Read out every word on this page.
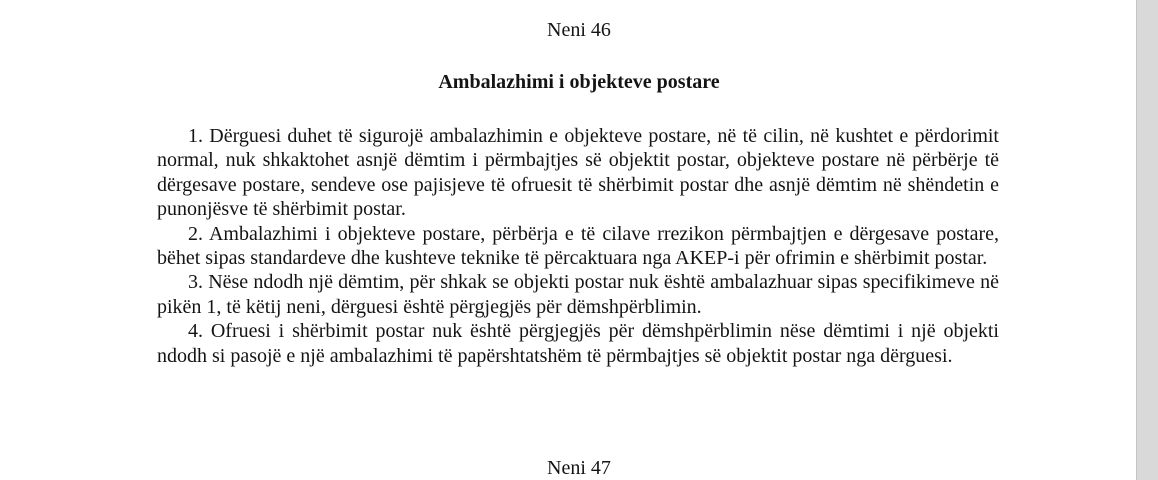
Neni 46
Ambalazhimi i objekteve postare

1. Dërguesi duhet të sigurojë ambalazhimin e objekteve postare, në të cilin, në kushtet e përdorimit normal, nuk shkaktohet asnjë dëmtim i përmbajtjes së objektit postar, objekteve postare në përbërje të dërgesave postare, sendeve ose pajisjeve të ofruesit të shërbimit postar dhe asnjë dëmtim në shëndetin e punonjësve të shërbimit postar.

2. Ambalazhimi i objekteve postare, përbërja e të cilave rrezikon përmbajtjen e dërgesave postare, bëhet sipas standardeve dhe kushteve teknike të përcaktuara nga AKEP-i për ofrimin e shërbimit postar.

3. Nëse ndodh një dëmtim, për shkak se objekti postar nuk është ambalazhuar sipas specifikimeve në pikën 1, të këtij neni, dërguesi është përgjegjës për dëmshpërblimin.

4. Ofruesi i shërbimit postar nuk është përgjegjës për dëmshpërblimin nëse dëmtimi i një objekti ndodh si pasojë e një ambalazhimi të papërshtatshëm të përmbajtjes së objektit postar nga dërguesi.

Neni 47
